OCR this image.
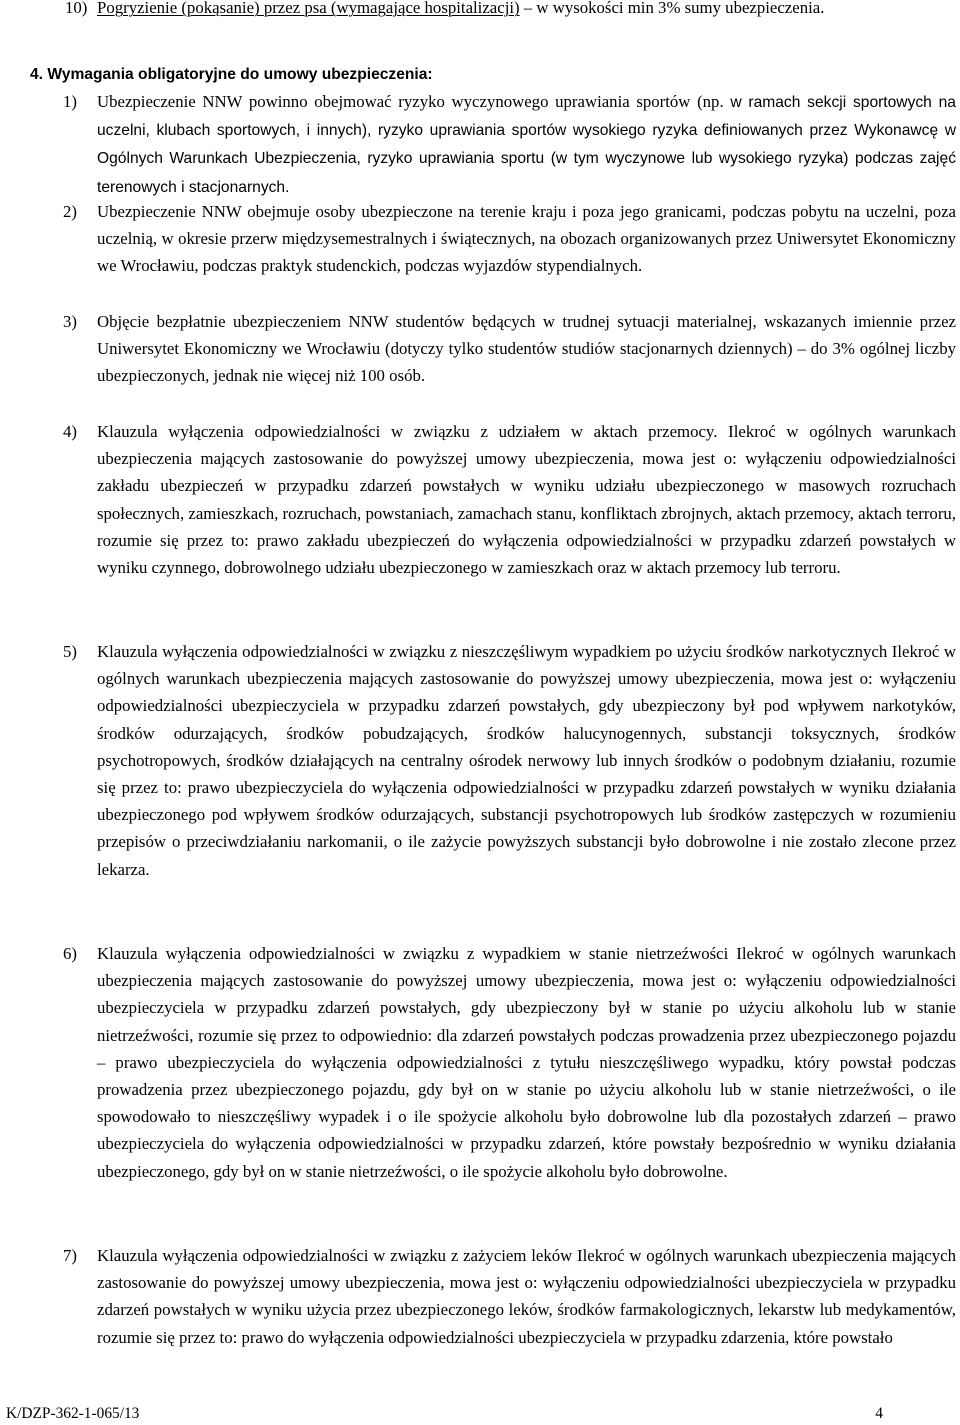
10) Pogryzienie (pokąsanie) przez psa (wymagające hospitalizacji) – w wysokości min 3% sumy ubezpieczenia.
4. Wymagania obligatoryjne do umowy ubezpieczenia:
1) Ubezpieczenie NNW powinno obejmować ryzyko wyczynowego uprawiania sportów (np. w ramach sekcji sportowych na uczelni, klubach sportowych, i innych), ryzyko uprawiania sportów wysokiego ryzyka definiowanych przez Wykonawcę w Ogólnych Warunkach Ubezpieczenia, ryzyko uprawiania sportu (w tym wyczynowe lub wysokiego ryzyka) podczas zajęć terenowych i stacjonarnych.
2) Ubezpieczenie NNW obejmuje osoby ubezpieczone na terenie kraju i poza jego granicami, podczas pobytu na uczelni, poza uczelnią, w okresie przerw międzysemestralnych i świątecznych, na obozach organizowanych przez Uniwersytet Ekonomiczny we Wrocławiu, podczas praktyk studenckich, podczas wyjazdów stypendialnych.
3) Objęcie bezpłatnie ubezpieczeniem NNW studentów będących w trudnej sytuacji materialnej, wskazanych imiennie przez Uniwersytet Ekonomiczny we Wrocławiu (dotyczy tylko studentów studiów stacjonarnych dziennych) – do 3% ogólnej liczby ubezpieczonych, jednak nie więcej niż 100 osób.
4) Klauzula wyłączenia odpowiedzialności w związku z udziałem w aktach przemocy. Ilekroć w ogólnych warunkach ubezpieczenia mających zastosowanie do powyższej umowy ubezpieczenia, mowa jest o: wyłączeniu odpowiedzialności zakładu ubezpieczeń w przypadku zdarzeń powstałych w wyniku udziału ubezpieczonego w masowych rozruchach społecznych, zamieszkach, rozruchach, powstaniach, zamachach stanu, konfliktach zbrojnych, aktach przemocy, aktach terroru, rozumie się przez to: prawo zakładu ubezpieczeń do wyłączenia odpowiedzialności w przypadku zdarzeń powstałych w wyniku czynnego, dobrowolnego udziału ubezpieczonego w zamieszkach oraz w aktach przemocy lub terroru.
5) Klauzula wyłączenia odpowiedzialności w związku z nieszczęśliwym wypadkiem po użyciu środków narkotycznych Ilekroć w ogólnych warunkach ubezpieczenia mających zastosowanie do powyższej umowy ubezpieczenia, mowa jest o: wyłączeniu odpowiedzialności ubezpieczyciela w przypadku zdarzeń powstałych, gdy ubezpieczony był pod wpływem narkotyków, środków odurzających, środków pobudzających, środków halucynogennych, substancji toksycznych, środków psychotropowych, środków działających na centralny ośrodek nerwowy lub innych środków o podobnym działaniu, rozumie się przez to: prawo ubezpieczyciela do wyłączenia odpowiedzialności w przypadku zdarzeń powstałych w wyniku działania ubezpieczonego pod wpływem środków odurzających, substancji psychotropowych lub środków zastępczych w rozumieniu przepisów o przeciwdziałaniu narkomanii, o ile zażycie powyższych substancji było dobrowolne i nie zostało zlecone przez lekarza.
6) Klauzula wyłączenia odpowiedzialności w związku z wypadkiem w stanie nietrzeźwości Ilekroć w ogólnych warunkach ubezpieczenia mających zastosowanie do powyższej umowy ubezpieczenia, mowa jest o: wyłączeniu odpowiedzialności ubezpieczyciela w przypadku zdarzeń powstałych, gdy ubezpieczony był w stanie po użyciu alkoholu lub w stanie nietrzeźwości, rozumie się przez to odpowiednio: dla zdarzeń powstałych podczas prowadzenia przez ubezpieczonego pojazdu – prawo ubezpieczyciela do wyłączenia odpowiedzialności z tytułu nieszczęśliwego wypadku, który powstał podczas prowadzenia przez ubezpieczonego pojazdu, gdy był on w stanie po użyciu alkoholu lub w stanie nietrzeźwości, o ile spowodowało to nieszczęśliwy wypadek i o ile spożycie alkoholu było dobrowolne lub dla pozostałych zdarzeń – prawo ubezpieczyciela do wyłączenia odpowiedzialności w przypadku zdarzeń, które powstały bezpośrednio w wyniku działania ubezpieczonego, gdy był on w stanie nietrzeźwości, o ile spożycie alkoholu było dobrowolne.
7) Klauzula wyłączenia odpowiedzialności w związku z zażyciem leków Ilekroć w ogólnych warunkach ubezpieczenia mających zastosowanie do powyższej umowy ubezpieczenia, mowa jest o: wyłączeniu odpowiedzialności ubezpieczyciela w przypadku zdarzeń powstałych w wyniku użycia przez ubezpieczonego leków, środków farmakologicznych, lekarstw lub medykamentów, rozumie się przez to: prawo do wyłączenia odpowiedzialności ubezpieczyciela w przypadku zdarzenia, które powstało
K/DZP-362-1-065/13	4
